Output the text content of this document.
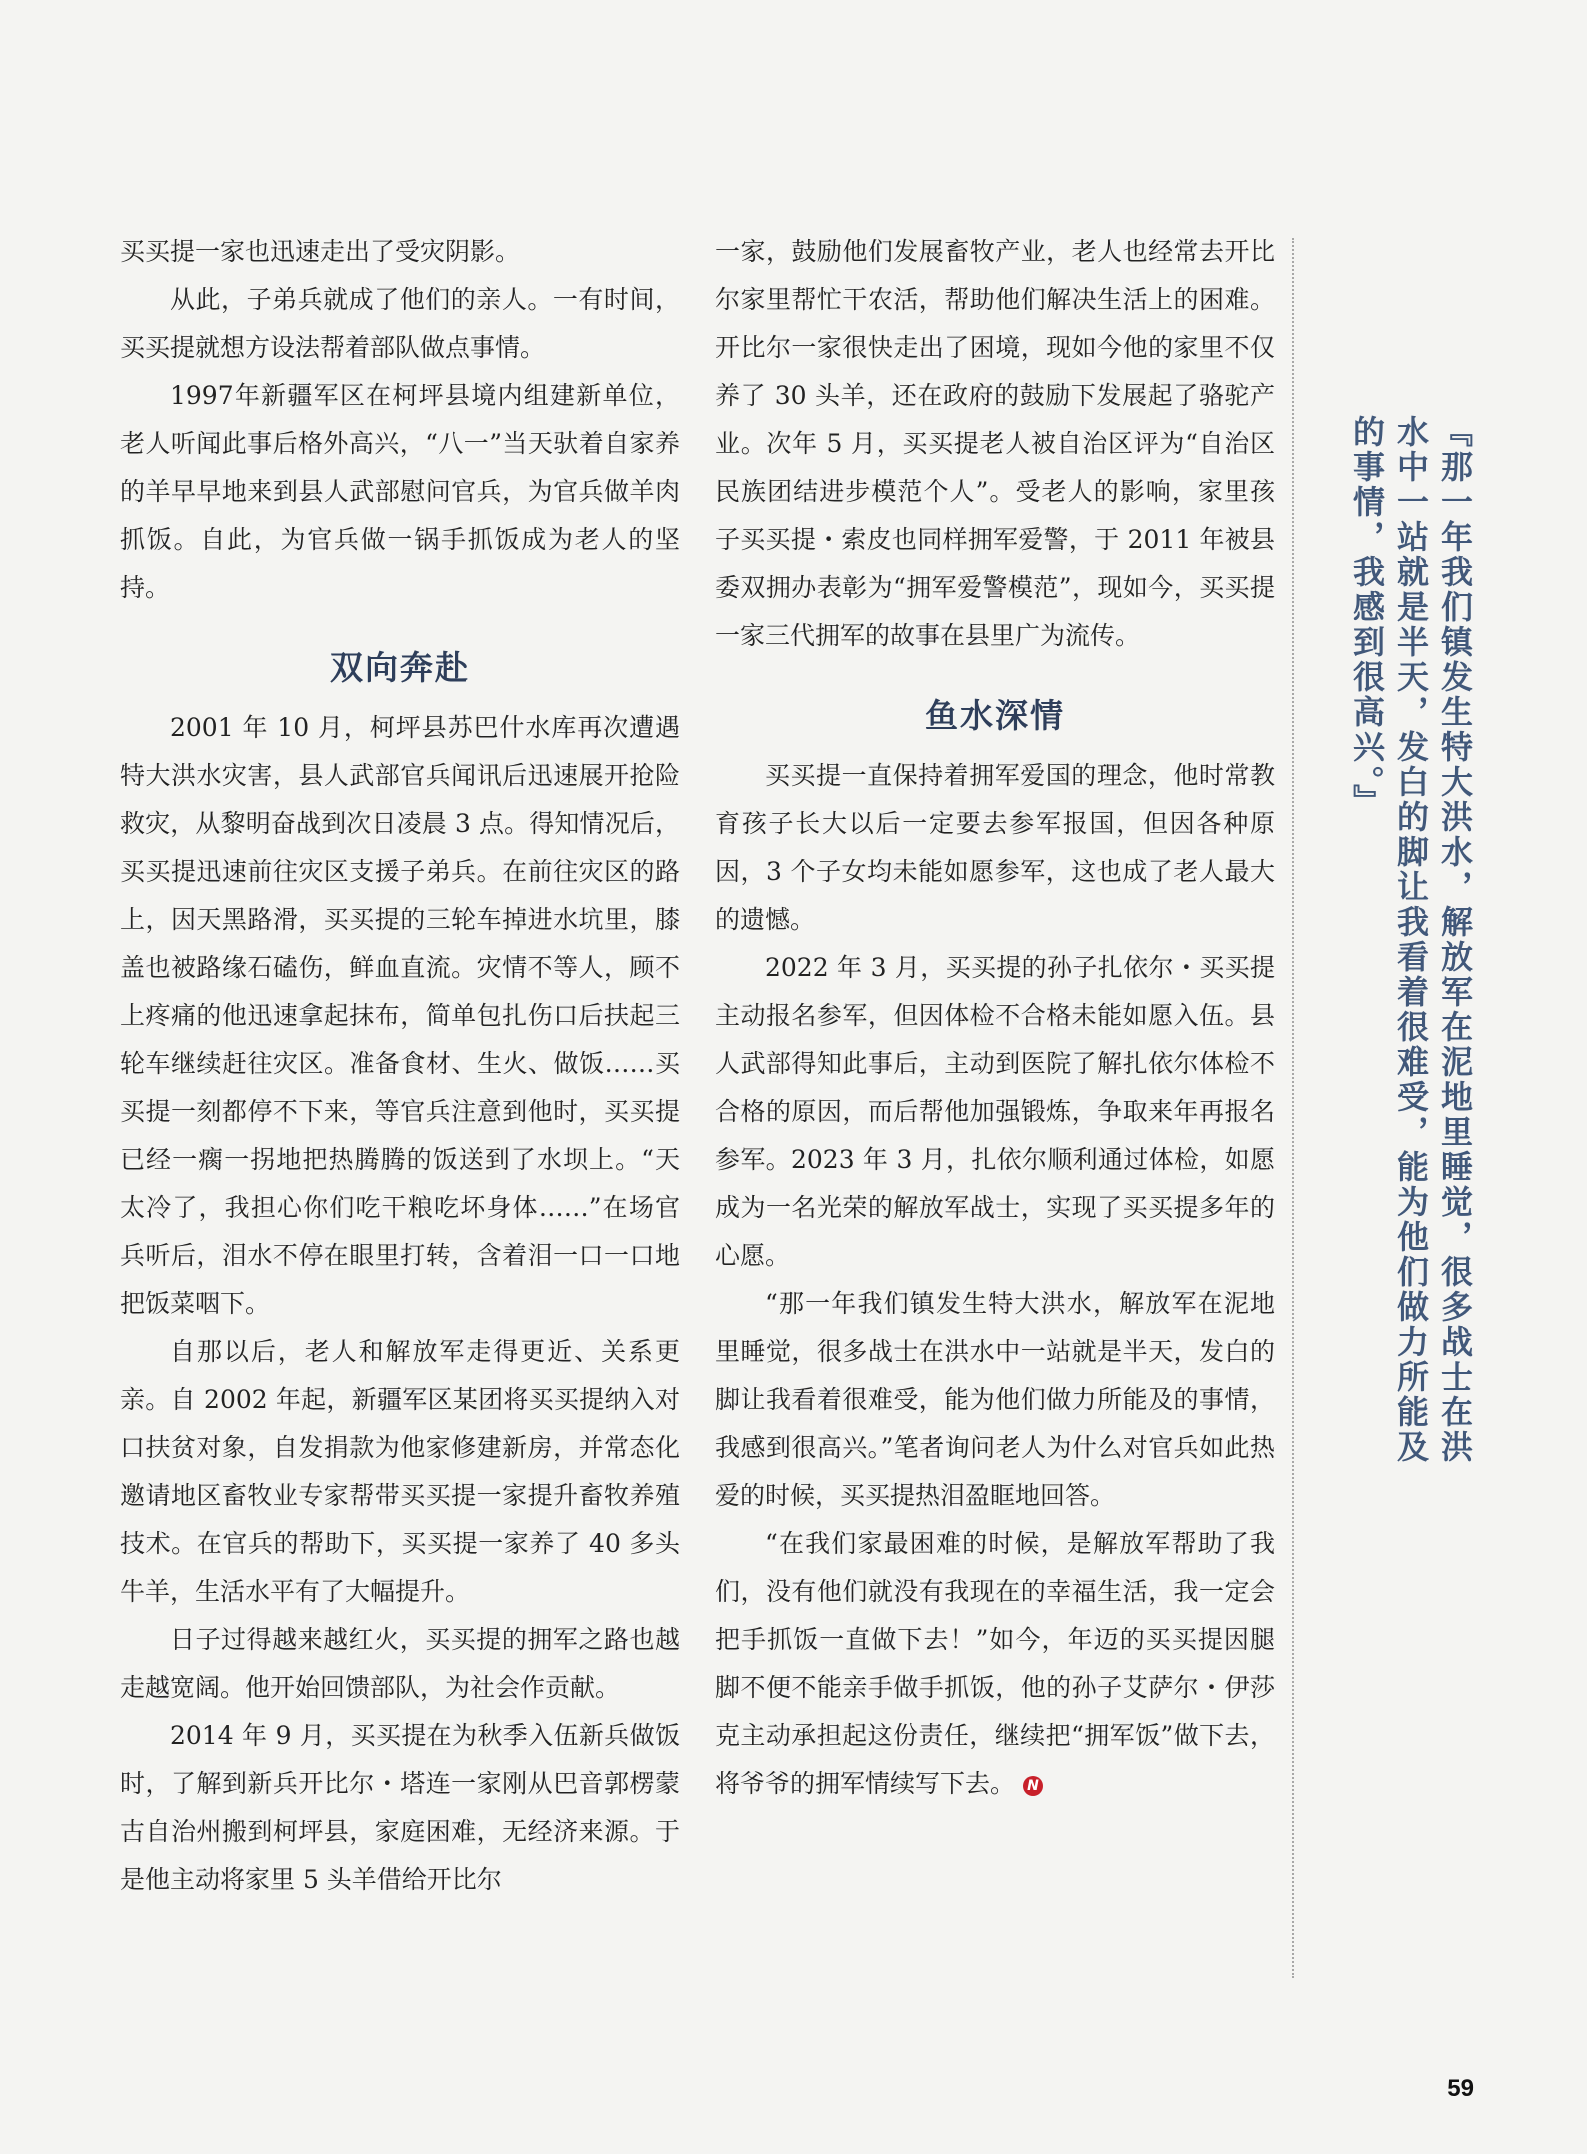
买买提一家也迅速走出了受灾阴影。

从此，子弟兵就成了他们的亲人。一有时间，买买提就想方设法帮着部队做点事情。

1997年新疆军区在柯坪县境内组建新单位，老人听闻此事后格外高兴，“八一”当天驮着自家养的羊早早地来到县人武部慰问官兵，为官兵做羊肉抓饭。自此，为官兵做一锅手抓饭成为老人的坚持。

双向奔赴

2001 年 10 月，柯坪县苏巴什水库再次遭遇特大洪水灾害，县人武部官兵闻讯后迅速展开抢险救灾，从黎明奋战到次日凌晨 3 点。得知情况后，买买提迅速前往灾区支援子弟兵。在前往灾区的路上，因天黑路滑，买买提的三轮车掉进水坑里，膝盖也被路缘石磕伤，鲜血直流。灾情不等人，顾不上疼痛的他迅速拿起抹布，简单包扎伤口后扶起三轮车继续赶往灾区。准备食材、生火、做饭……买买提一刻都停不下来，等官兵注意到他时，买买提已经一瘸一拐地把热腾腾的饭送到了水坝上。“天太冷了，我担心你们吃干粮吃坏身体……”在场官兵听后，泪水不停在眼里打转，含着泪一口一口地把饭菜咽下。

自那以后，老人和解放军走得更近、关系更亲。自 2002 年起，新疆军区某团将买买提纳入对口扶贫对象，自发捐款为他家修建新房，并常态化邀请地区畜牧业专家帮带买买提一家提升畜牧养殖技术。在官兵的帮助下，买买提一家养了 40 多头牛羊，生活水平有了大幅提升。

日子过得越来越红火，买买提的拥军之路也越走越宽阔。他开始回馈部队，为社会作贡献。

2014 年 9 月，买买提在为秋季入伍新兵做饭时，了解到新兵开比尔・塔连一家刚从巴音郭楞蒙古自治州搬到柯坪县，家庭困难，无经济来源。于是他主动将家里 5 头羊借给开比尔

一家，鼓励他们发展畜牧产业，老人也经常去开比尔家里帮忙干农活，帮助他们解决生活上的困难。开比尔一家很快走出了困境，现如今他的家里不仅养了 30 头羊，还在政府的鼓励下发展起了骆驼产业。次年 5 月，买买提老人被自治区评为“自治区民族团结进步模范个人”。受老人的影响，家里孩子买买提・索皮也同样拥军爱警，于 2011 年被县委双拥办表彰为“拥军爱警模范”，现如今，买买提一家三代拥军的故事在县里广为流传。

鱼水深情

买买提一直保持着拥军爱国的理念，他时常教育孩子长大以后一定要去参军报国，但因各种原因，3 个子女均未能如愿参军，这也成了老人最大的遗憾。

2022 年 3 月，买买提的孙子扎依尔・买买提主动报名参军，但因体检不合格未能如愿入伍。县人武部得知此事后，主动到医院了解扎依尔体检不合格的原因，而后帮他加强锻炼，争取来年再报名参军。2023 年 3 月，扎依尔顺利通过体检，如愿成为一名光荣的解放军战士，实现了买买提多年的心愿。

“那一年我们镇发生特大洪水，解放军在泥地里睡觉，很多战士在洪水中一站就是半天，发白的脚让我看着很难受，能为他们做力所能及的事情，我感到很高兴。”笔者询问老人为什么对官兵如此热爱的时候，买买提热泪盈眶地回答。

“在我们家最困难的时候，是解放军帮助了我们，没有他们就没有我现在的幸福生活，我一定会把手抓饭一直做下去！”如今，年迈的买买提因腿脚不便不能亲手做手抓饭，他的孙子艾萨尔・伊莎克主动承担起这份责任，继续把“拥军饭”做下去，将爷爷的拥军情续写下去。 N

『那一年我们镇发生特大洪水，解放军在泥地里睡觉，很多战士在洪水中一站就是半天，发白的脚让我看着很难受，能为他们做力所能及的事情，我感到很高兴。』
59
